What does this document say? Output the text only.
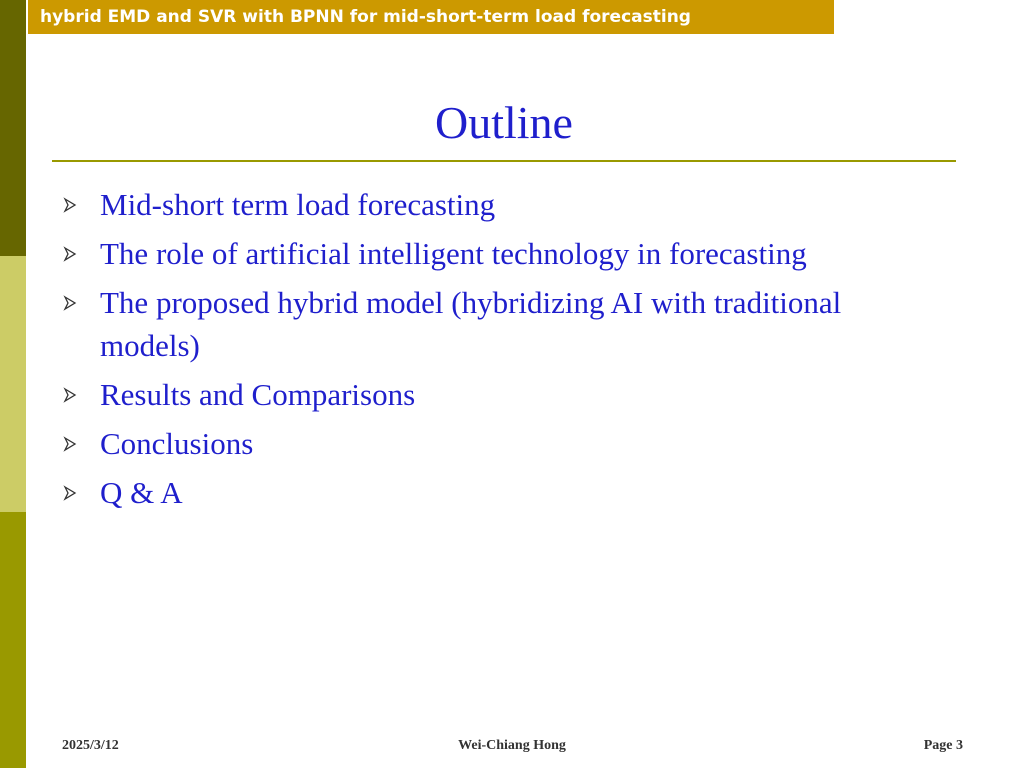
hybrid EMD and SVR with BPNN for mid-short-term load forecasting
Outline
Mid-short term load forecasting
The role of artificial intelligent technology in forecasting
The proposed hybrid model (hybridizing AI with traditional models)
Results and Comparisons
Conclusions
Q & A
2025/3/12	Wei-Chiang Hong	Page 3
